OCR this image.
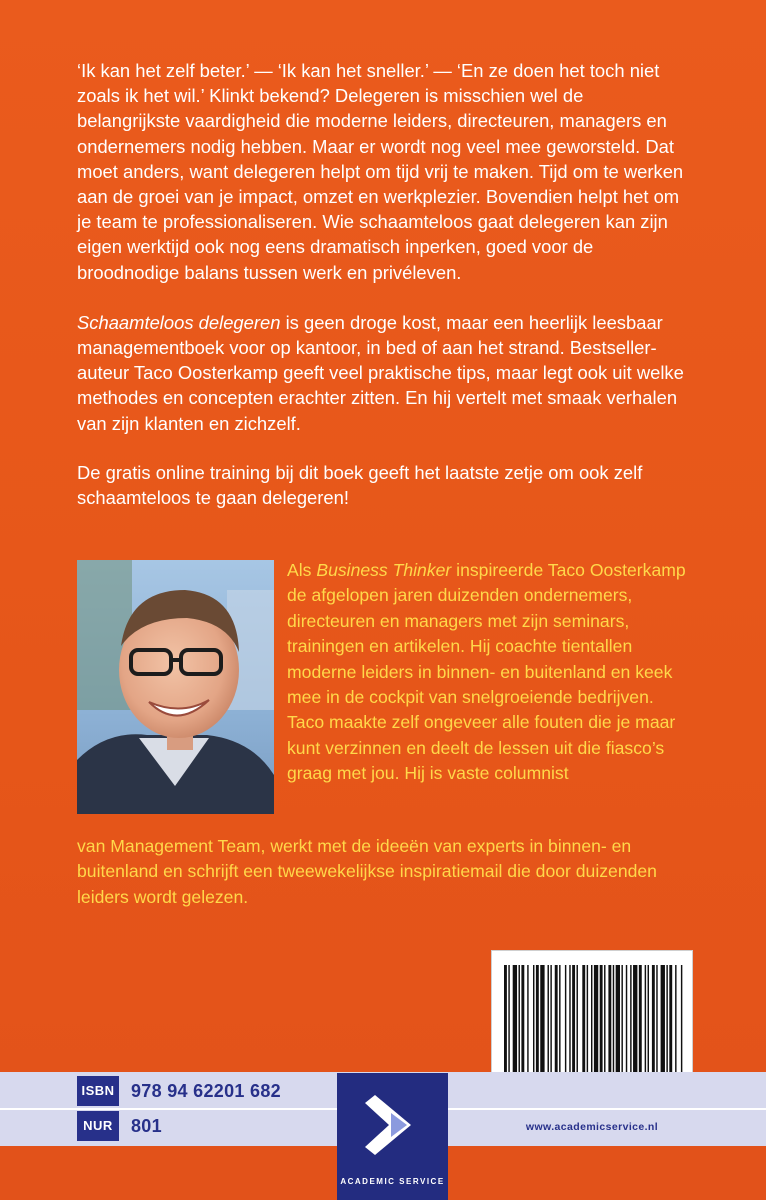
‘Ik kan het zelf beter.’ — ‘Ik kan het sneller.’ — ‘En ze doen het toch niet zoals ik het wil.’ Klinkt bekend? Delegeren is misschien wel de belangrijkste vaardigheid die moderne leiders, directeuren, managers en ondernemers nodig hebben. Maar er wordt nog veel mee geworsteld. Dat moet anders, want delegeren helpt om tijd vrij te maken. Tijd om te werken aan de groei van je impact, omzet en werkplezier. Bovendien helpt het om je team te professionaliseren. Wie schaamteloos gaat delegeren kan zijn eigen werktijd ook nog eens dramatisch inperken, goed voor de broodnodige balans tussen werk en privéleven.

Schaamteloos delegeren is geen droge kost, maar een heerlijk leesbaar managementboek voor op kantoor, in bed of aan het strand. Bestseller-auteur Taco Oosterkamp geeft veel praktische tips, maar legt ook uit welke methodes en concepten erachter zitten. En hij vertelt met smaak verhalen van zijn klanten en zichzelf.

De gratis online training bij dit boek geeft het laatste zetje om ook zelf schaamteloos te gaan delegeren!

Als Business Thinker inspireerde Taco Oosterkamp de afgelopen jaren duizenden ondernemers, directeuren en managers met zijn seminars, trainingen en artikelen. Hij coachte tientallen moderne leiders in binnen- en buitenland en keek mee in de cockpit van snelgroeiende bedrijven. Taco maakte zelf ongeveer alle fouten die je maar kunt verzinnen en deelt de lessen uit die fiasco’s graag met jou. Hij is vaste columnist
van Management Team, werkt met de ideeën van experts in binnen- en buitenland en schrijft een tweewekelijkse inspiratiemail die door duizenden leiders wordt gelezen.
ISBN 978 94 62201 682
NUR	801
ACADEMIC SERVICE
www.academicservice.nl
